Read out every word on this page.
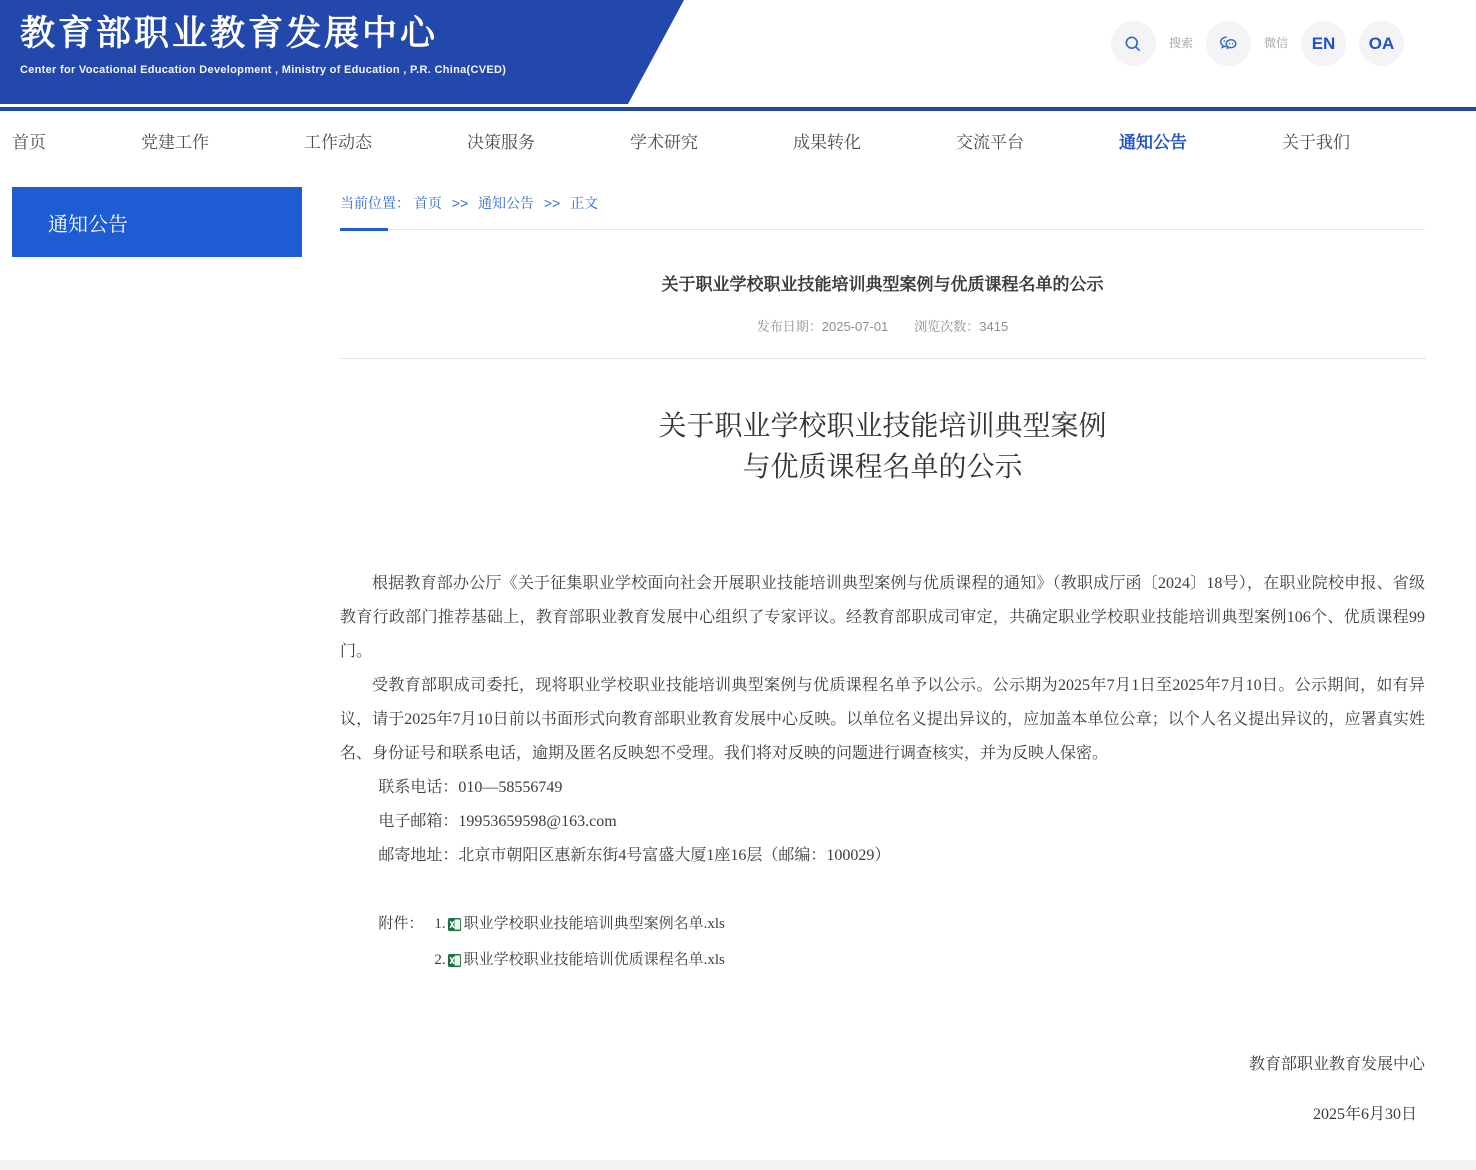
教育部职业教育发展中心
Center for Vocational Education Development , Ministry of Education , P.R. China(CVED)
搜索	微信 EN OA
首页	党建工作	工作动态	决策服务	学术研究	成果转化	交流平台	通知公告	关于我们
通知公告
当前位置： 首页 >> 通知公告 >> 正文
关于职业学校职业技能培训典型案例与优质课程名单的公示
发布日期：2025-07-01 浏览次数：3415
关于职业学校职业技能培训典型案例
与优质课程名单的公示

根据教育部办公厅《关于征集职业学校面向社会开展职业技能培训典型案例与优质课程的通知》（教职成厅函〔2024〕18号），在职业院校申报、省级教育行政部门推荐基础上，教育部职业教育发展中心组织了专家评议。经教育部职成司审定，共确定职业学校职业技能培训典型案例106个、优质课程99门。

受教育部职成司委托，现将职业学校职业技能培训典型案例与优质课程名单予以公示。公示期为2025年7月1日至2025年7月10日。公示期间，如有异议，请于2025年7月10日前以书面形式向教育部职业教育发展中心反映。以单位名义提出异议的，应加盖本单位公章；以个人名义提出异议的，应署真实姓名、身份证号和联系电话，逾期及匿名反映恕不受理。我们将对反映的问题进行调查核实，并为反映人保密。

联系电话：010—58556749

电子邮箱：19953659598@163.com

邮寄地址：北京市朝阳区惠新东街4号富盛大厦1座16层（邮编：100029）

附件： 1. 职业学校职业技能培训典型案例名单.xls
2. 职业学校职业技能培训优质课程名单.xls
教育部职业教育发展中心
2025年6月30日
